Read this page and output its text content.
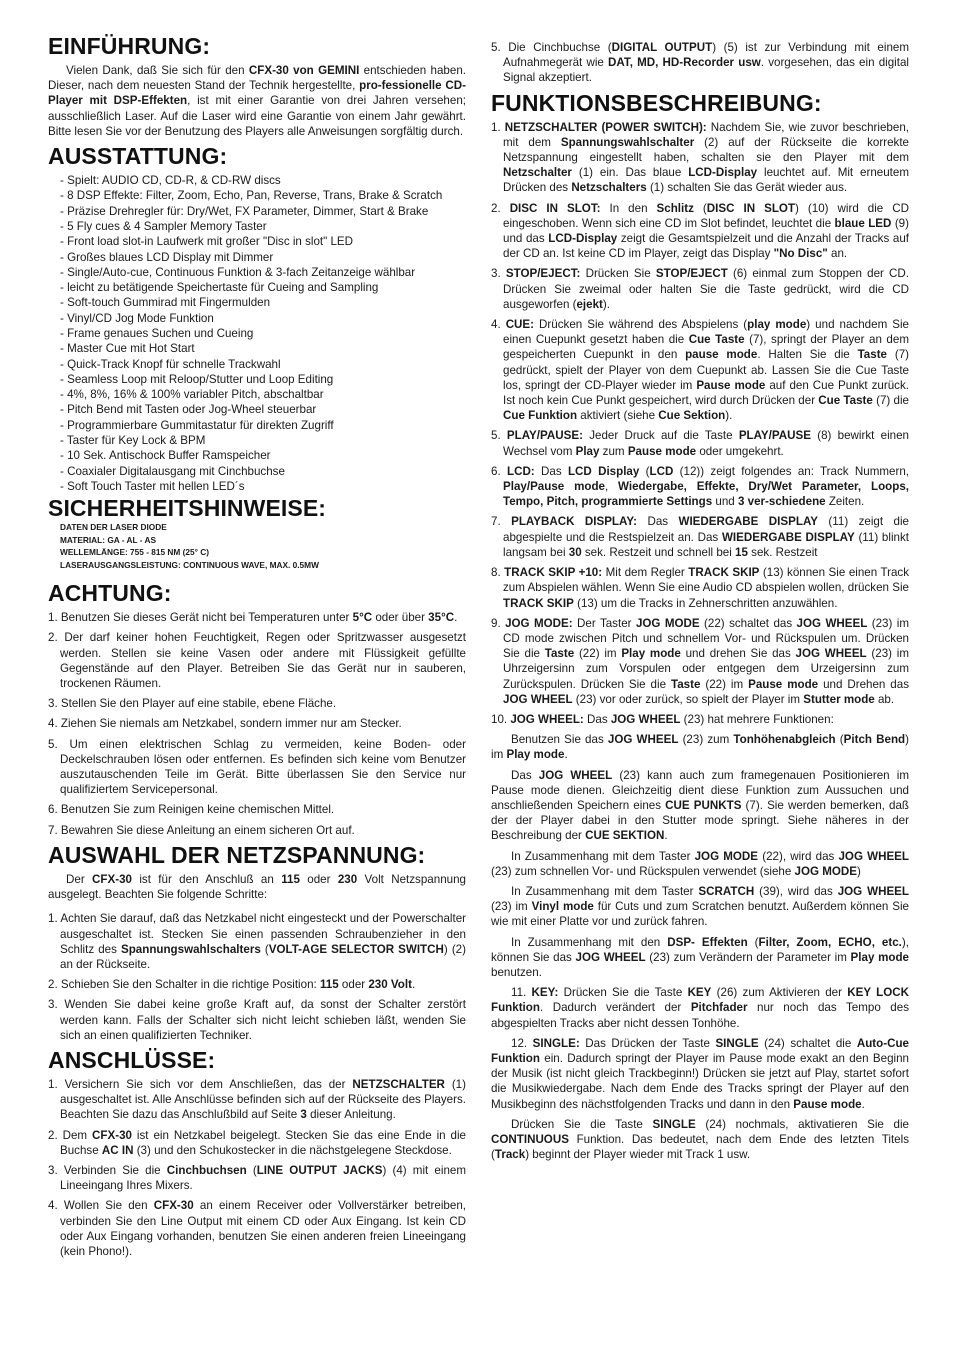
EINFÜHRUNG:

Vielen Dank, daß Sie sich für den CFX-30 von GEMINI entschieden haben. Dieser, nach dem neuesten Stand der Technik hergestellte, pro-fessionelle CD-Player mit DSP-Effekten, ist mit einer Garantie von drei Jahren versehen; ausschließlich Laser. Auf die Laser wird eine Garantie von einem Jahr gewährt. Bitte lesen Sie vor der Benutzung des Players alle Anweisungen sorgfältig durch.

AUSSTATTUNG:
- Spielt: AUDIO CD, CD-R, & CD-RW discs
- 8 DSP Effekte: Filter, Zoom, Echo, Pan, Reverse, Trans, Brake & Scratch
- Präzise Drehregler für: Dry/Wet, FX Parameter, Dimmer, Start & Brake
- 5 Fly cues & 4 Sampler Memory Taster
- Front load slot-in Laufwerk mit großer "Disc in slot" LED
- Großes blaues LCD Display mit Dimmer
- Single/Auto-cue, Continuous Funktion & 3-fach Zeitanzeige wählbar
- leicht zu betätigende Speichertaste für Cueing and Sampling
- Soft-touch Gummirad mit Fingermulden
- Vinyl/CD Jog Mode Funktion
- Frame genaues Suchen und Cueing
- Master Cue mit Hot Start
- Quick-Track Knopf für schnelle Trackwahl
- Seamless Loop mit Reloop/Stutter und Loop Editing
- 4%, 8%, 16% & 100% variabler Pitch, abschaltbar
- Pitch Bend mit Tasten oder Jog-Wheel steuerbar
- Programmierbare Gummitastatur für direkten Zugriff
- Taster für Key Lock & BPM
- 10 Sek. Antischock Buffer Ramspeicher
- Coaxialer Digitalausgang mit Cinchbuchse
- Soft Touch Taster mit hellen LED´s
SICHERHEITSHINWEISE:
DATEN DER LASER DIODE
MATERIAL: GA - AL - AS
WELLEMLÄNGE: 755 - 815 NM (25° C)
LASERAUSGANGSLEISTUNG: CONTINUOUS WAVE, MAX. 0.5MW
ACHTUNG:
1. Benutzen Sie dieses Gerät nicht bei Temperaturen unter 5°C oder über 35°C.
2. Der darf keiner hohen Feuchtigkeit, Regen oder Spritzwasser ausgesetzt werden. Stellen sie keine Vasen oder andere mit Flüssigkeit gefüllte Gegenstände auf den Player. Betreiben Sie das Gerät nur in sauberen, trockenen Räumen.
3. Stellen Sie den Player auf eine stabile, ebene Fläche.
4. Ziehen Sie niemals am Netzkabel, sondern immer nur am Stecker.
5. Um einen elektrischen Schlag zu vermeiden, keine Boden- oder Deckelschrauben lösen oder entfernen. Es befinden sich keine vom Benutzer auszutauschenden Teile im Gerät. Bitte überlassen Sie den Service nur qualifiziertem Servicepersonal.
6. Benutzen Sie zum Reinigen keine chemischen Mittel.
7. Bewahren Sie diese Anleitung an einem sicheren Ort auf.
AUSWAHL DER NETZSPANNUNG:

Der CFX-30 ist für den Anschluß an 115 oder 230 Volt Netzspannung ausgelegt. Beachten Sie folgende Schritte:

1. Achten Sie darauf, daß das Netzkabel nicht eingesteckt und der Powerschalter ausgeschaltet ist. Stecken Sie einen passenden Schraubenzieher in den Schlitz des Spannungswahlschalters (VOLT-AGE SELECTOR SWITCH) (2) an der Rückseite.
2. Schieben Sie den Schalter in die richtige Position: 115 oder 230 Volt.
3. Wenden Sie dabei keine große Kraft auf, da sonst der Schalter zerstört werden kann. Falls der Schalter sich nicht leicht schieben läßt, wenden Sie sich an einen qualifizierten Techniker.
ANSCHLÜSSE:
1. Versichern Sie sich vor dem Anschließen, das der NETZSCHALTER (1) ausgeschaltet ist. Alle Anschlüsse befinden sich auf der Rückseite des Players. Beachten Sie dazu das Anschlußbild auf Seite 3 dieser Anleitung.
2. Dem CFX-30 ist ein Netzkabel beigelegt. Stecken Sie das eine Ende in die Buchse AC IN (3) und den Schukostecker in die nächstgelegene Steckdose.
3. Verbinden Sie die Cinchbuchsen (LINE OUTPUT JACKS) (4) mit einem Lineeingang Ihres Mixers.
4. Wollen Sie den CFX-30 an einem Receiver oder Vollverstärker betreiben, verbinden Sie den Line Output mit einem CD oder Aux Eingang. Ist kein CD oder Aux Eingang vorhanden, benutzen Sie einen anderen freien Lineeingang (kein Phono!).
5. Die Cinchbuchse (DIGITAL OUTPUT) (5) ist zur Verbindung mit einem Aufnahmegerät wie DAT, MD, HD-Recorder usw. vorgesehen, das ein digital Signal akzeptiert.
FUNKTIONSBESCHREIBUNG:
1. NETZSCHALTER (POWER SWITCH): Nachdem Sie, wie zuvor beschrieben, mit dem Spannungswahlschalter (2) auf der Rückseite die korrekte Netzspannung eingestellt haben, schalten sie den Player mit dem Netzschalter (1) ein. Das blaue LCD-Display leuchtet auf. Mit erneutem Drücken des Netzschalters (1) schalten Sie das Gerät wieder aus.
2. DISC IN SLOT: In den Schlitz (DISC IN SLOT) (10) wird die CD eingeschoben. Wenn sich eine CD im Slot befindet, leuchtet die blaue LED (9) und das LCD-Display zeigt die Gesamtspielzeit und die Anzahl der Tracks auf der CD an. Ist keine CD im Player, zeigt das Display "No Disc" an.
3. STOP/EJECT: Drücken Sie STOP/EJECT (6) einmal zum Stoppen der CD. Drücken Sie zweimal oder halten Sie die Taste gedrückt, wird die CD ausgeworfen (ejekt).
4. CUE: Drücken Sie während des Abspielens (play mode) und nachdem Sie einen Cuepunkt gesetzt haben die Cue Taste (7), springt der Player an dem gespeicherten Cuepunkt in den pause mode. Halten Sie die Taste (7) gedrückt, spielt der Player von dem Cuepunkt ab. Lassen Sie die Cue Taste los, springt der CD-Player wieder im Pause mode auf den Cue Punkt zurück. Ist noch kein Cue Punkt gespeichert, wird durch Drücken der Cue Taste (7) die Cue Funktion aktiviert (siehe Cue Sektion).
5. PLAY/PAUSE: Jeder Druck auf die Taste PLAY/PAUSE (8) bewirkt einen Wechsel vom Play zum Pause mode oder umgekehrt.
6. LCD: Das LCD Display (LCD (12)) zeigt folgendes an: Track Nummern, Play/Pause mode, Wiedergabe, Effekte, Dry/Wet Parameter, Loops, Tempo, Pitch, programmierte Settings und 3 ver-schiedene Zeiten.
7. PLAYBACK DISPLAY: Das WIEDERGABE DISPLAY (11) zeigt die abgespielte und die Restspielzeit an. Das WIEDERGABE DISPLAY (11) blinkt langsam bei 30 sek. Restzeit und schnell bei 15 sek. Restzeit
8. TRACK SKIP +10: Mit dem Regler TRACK SKIP (13) können Sie einen Track zum Abspielen wählen. Wenn Sie eine Audio CD abspielen wollen, drücken Sie TRACK SKIP (13) um die Tracks in Zehnerschritten anzuwählen.
9. JOG MODE: Der Taster JOG MODE (22) schaltet das JOG WHEEL (23) im CD mode zwischen Pitch und schnellem Vor- und Rückspulen um. Drücken Sie die Taste (22) im Play mode und drehen Sie das JOG WHEEL (23) im Uhrzeigersinn zum Vorspulen oder entgegen dem Urzeigersinn zum Zurückspulen. Drücken Sie die Taste (22) im Pause mode und Drehen das JOG WHEEL (23) vor oder zurück, so spielt der Player im Stutter mode ab.
10. JOG WHEEL: Das JOG WHEEL (23) hat mehrere Funktionen:
Benutzen Sie das JOG WHEEL (23) zum Tonhöhenabgleich (Pitch Bend) im Play mode.
Das JOG WHEEL (23) kann auch zum framegenauen Positionieren im Pause mode dienen. Gleichzeitig dient diese Funktion zum Aussuchen und anschließenden Speichern eines CUE PUNKTS (7). Sie werden bemerken, daß der der Player dabei in den Stutter mode springt. Siehe näheres in der Beschreibung der CUE SEKTION.
In Zusammenhang mit dem Taster JOG MODE (22), wird das JOG WHEEL (23) zum schnellen Vor- und Rückspulen verwendet (siehe JOG MODE)
In Zusammenhang mit dem Taster SCRATCH (39), wird das JOG WHEEL (23) im Vinyl mode für Cuts und zum Scratchen benutzt. Außerdem können Sie wie mit einer Platte vor und zurück fahren.
In Zusammenhang mit den DSP- Effekten (Filter, Zoom, ECHO, etc.), können Sie das JOG WHEEL (23) zum Verändern der Parameter im Play mode benutzen.
11. KEY: Drücken Sie die Taste KEY (26) zum Aktivieren der KEY LOCK Funktion. Dadurch verändert der Pitchfader nur noch das Tempo des abgespielten Tracks aber nicht dessen Tonhöhe.
12. SINGLE: Das Drücken der Taste SINGLE (24) schaltet die Auto-Cue Funktion ein. Dadurch springt der Player im Pause mode exakt an den Beginn der Musik (ist nicht gleich Trackbeginn!) Drücken sie jetzt auf Play, startet sofort die Musikwiedergabe. Nach dem Ende des Tracks springt der Player auf den Musikbeginn des nächstfolgenden Tracks und dann in den Pause mode.
Drücken Sie die Taste SINGLE (24) nochmals, aktivatieren Sie die CONTINUOUS Funktion. Das bedeutet, nach dem Ende des letzten Titels (Track) beginnt der Player wieder mit Track 1 usw.
